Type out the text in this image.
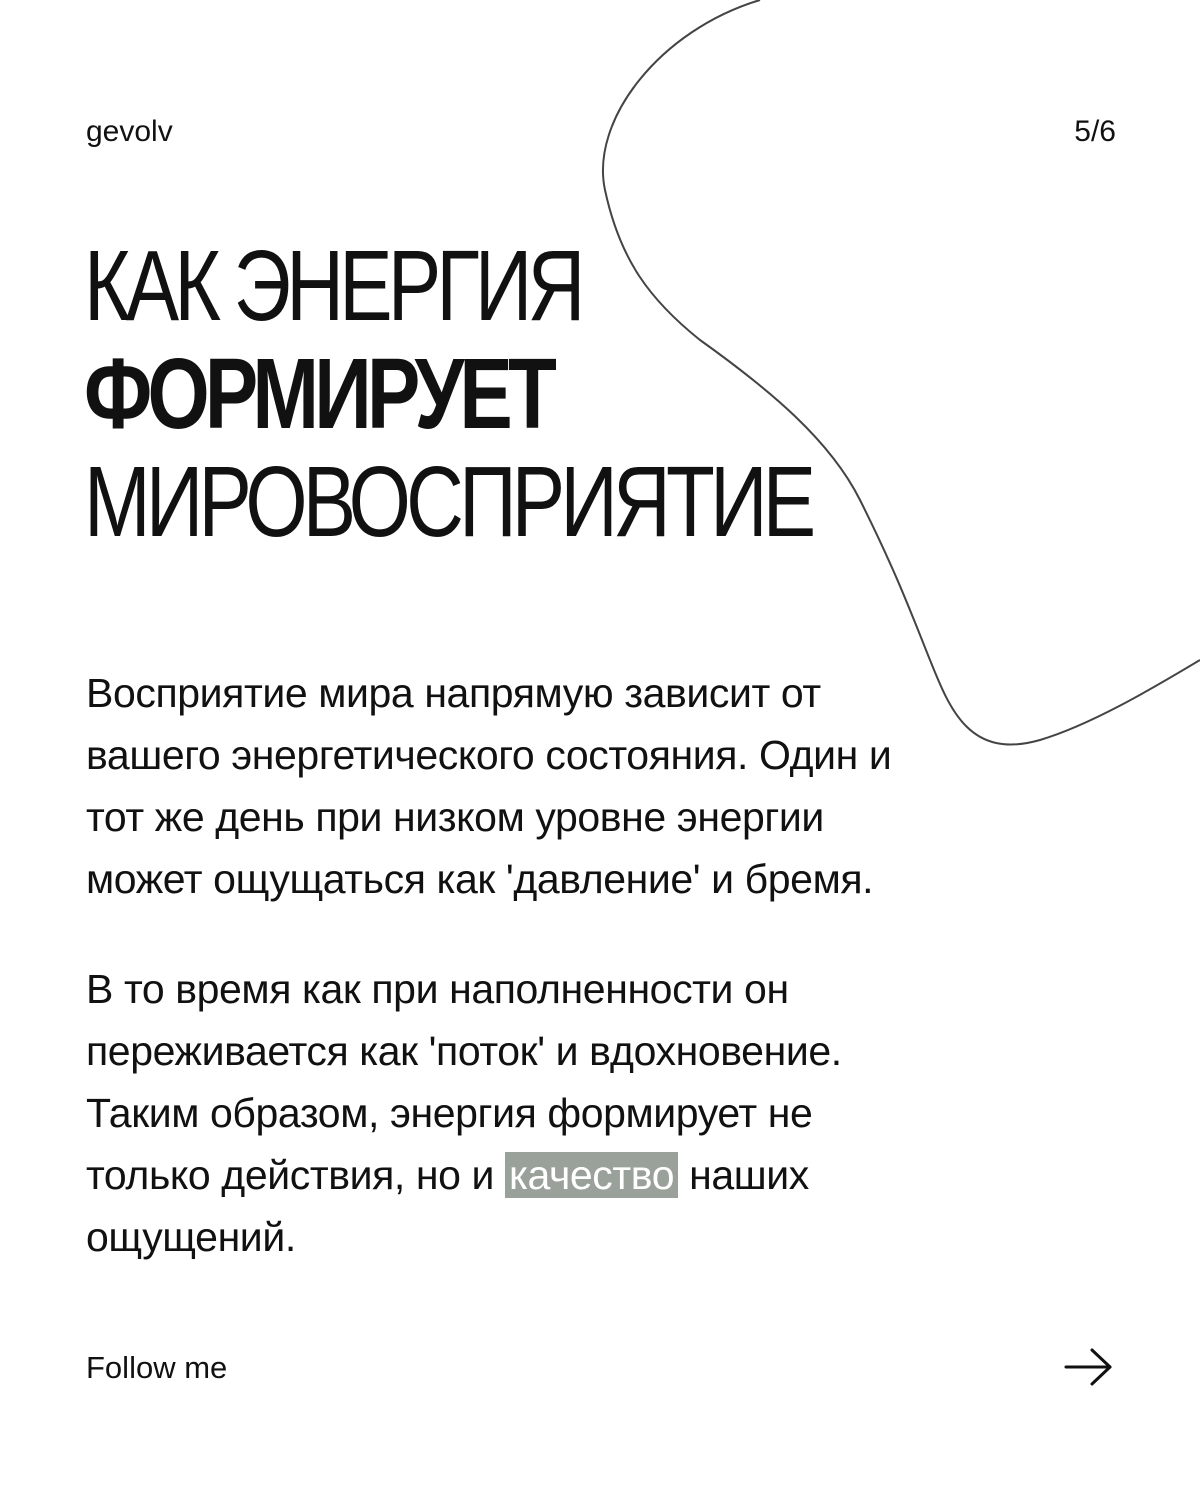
gevolv	5/6

КАК ЭНЕРГИЯ
ФОРМИРУЕТ
МИРОВОСПРИЯТИЕ

Восприятие мира напрямую зависит от
вашего энергетического состояния. Один и
тот же день при низком уровне энергии
может ощущаться как 'давление' и бремя.

В то время как при наполненности он
переживается как 'поток' и вдохновение.
Таким образом, энергия формирует не
только действия, но и качество наших
ощущений.

Follow me
